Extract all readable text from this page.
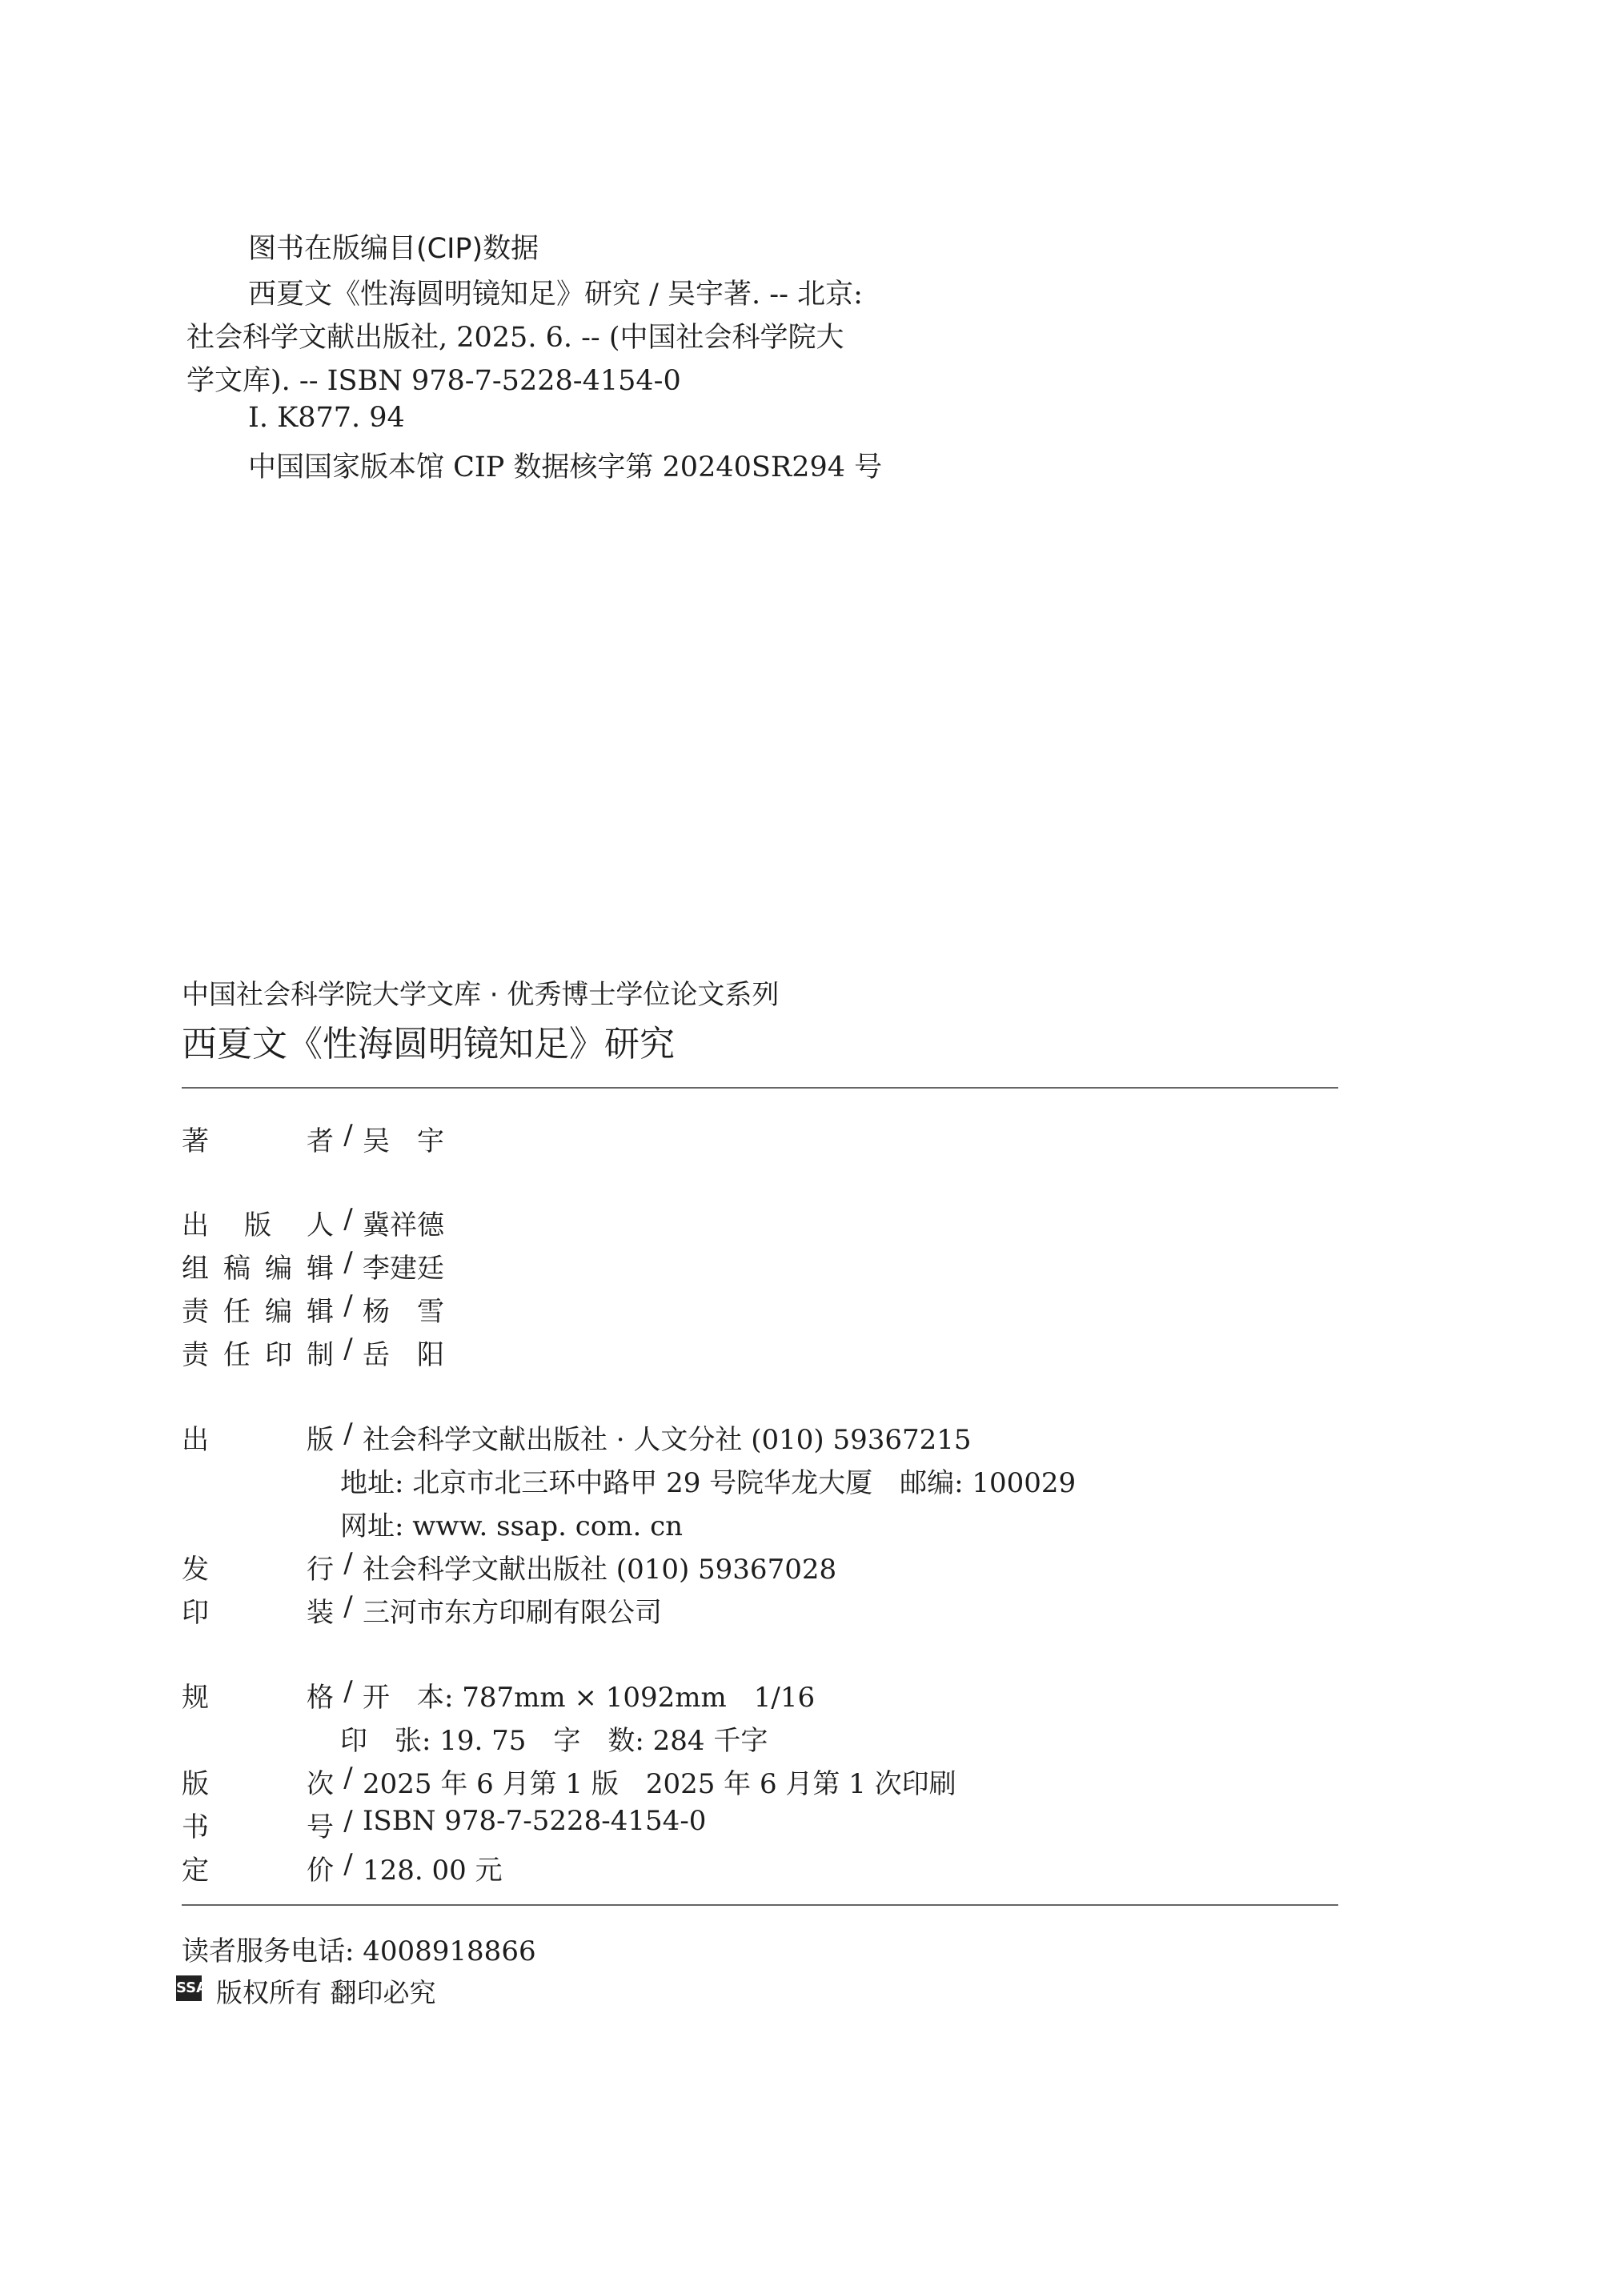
图书在版编目(CIP)数据
西夏文《性海圆明镜知足》研究 / 吴宇著. -- 北京:
社会科学文献出版社, 2025. 6. -- (中国社会科学院大
学文库). -- ISBN 978-7-5228-4154-0
Ⅰ. K877. 94
中国国家版本馆 CIP 数据核字第 20240SR294 号
中国社会科学院大学文库 · 优秀博士学位论文系列
西夏文《性海圆明镜知足》研究
著	者 / 吴　宇
出 版 人 / 冀祥德
组 稿 编 辑 / 李建廷
责 任 编 辑 / 杨　雪
责 任 印 制 / 岳　阳
出	版 / 社会科学文献出版社 · 人文分社 (010) 59367215
地址: 北京市北三环中路甲 29 号院华龙大厦　邮编: 100029
网址: www. ssap. com. cn
发	行 / 社会科学文献出版社 (010) 59367028
印	装 / 三河市东方印刷有限公司
规	格 / 开　本: 787mm × 1092mm　1/16
印　张: 19. 75　字　数: 284 千字
版	次 / 2025 年 6 月第 1 版　2025 年 6 月第 1 次印刷
书	号 / ISBN 978-7-5228-4154-0
定	价 / 128. 00 元
读者服务电话: 4008918866
SSAP
版权所有 翻印必究
